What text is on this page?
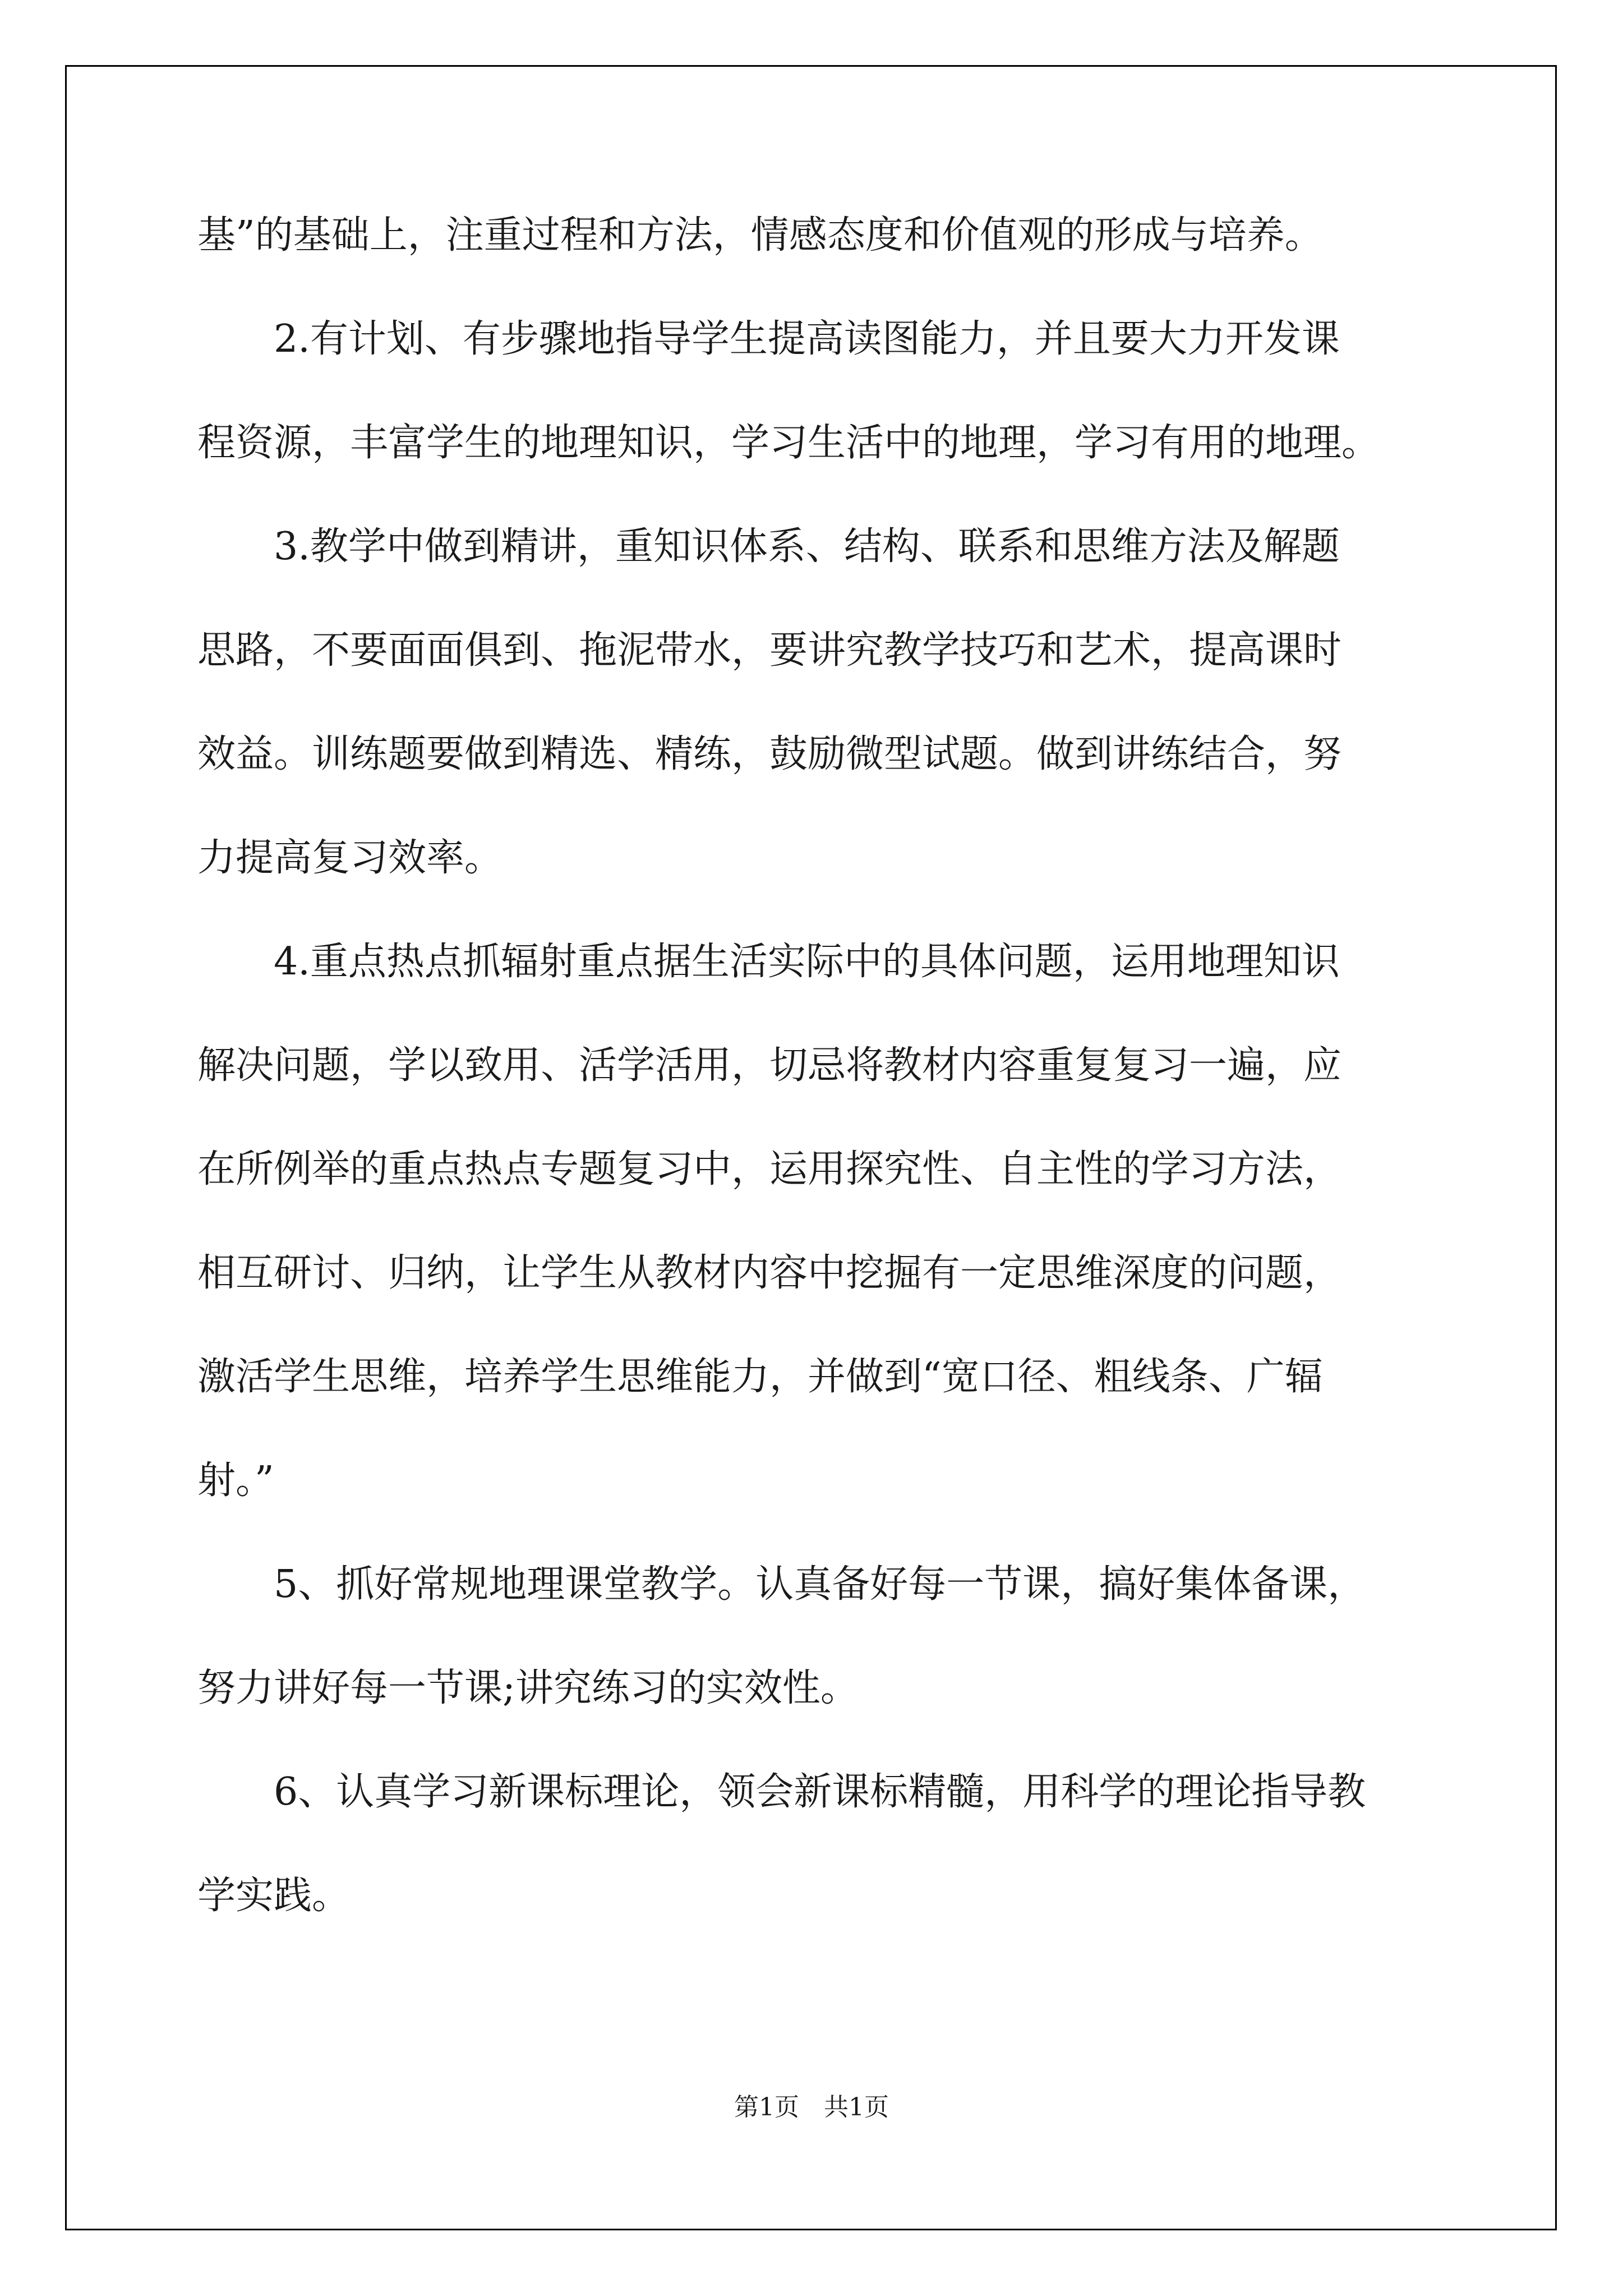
基”的基础上，注重过程和方法，情感态度和价值观的形成与培养。
2.有计划、有步骤地指导学生提高读图能力，并且要大力开发课
程资源，丰富学生的地理知识，学习生活中的地理，学习有用的地理。
3.教学中做到精讲，重知识体系、结构、联系和思维方法及解题
思路，不要面面俱到、拖泥带水，要讲究教学技巧和艺术，提高课时
效益。训练题要做到精选、精练，鼓励微型试题。做到讲练结合，努
力提高复习效率。
4.重点热点抓辐射重点据生活实际中的具体问题，运用地理知识
解决问题，学以致用、活学活用，切忌将教材内容重复复习一遍，应
在所例举的重点热点专题复习中，运用探究性、自主性的学习方法，
相互研讨、归纳，让学生从教材内容中挖掘有一定思维深度的问题，
激活学生思维，培养学生思维能力，并做到“宽口径、粗线条、广辐
射。”
5、抓好常规地理课堂教学。认真备好每一节课，搞好集体备课，
努力讲好每一节课;讲究练习的实效性。
6、认真学习新课标理论，领会新课标精髓，用科学的理论指导教
学实践。
第1页　共1页
